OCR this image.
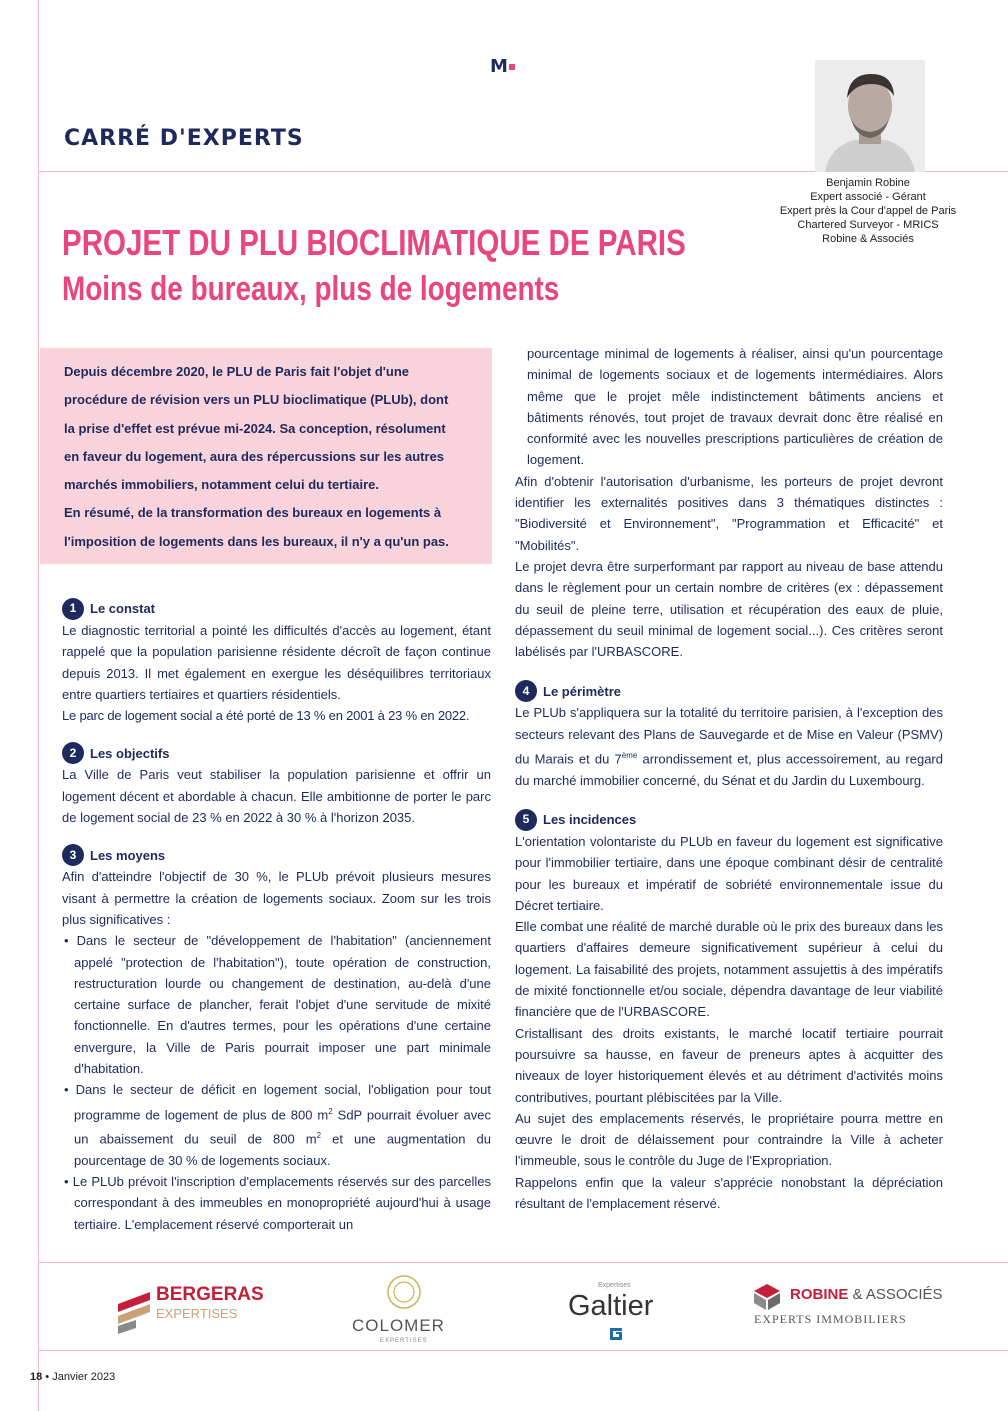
M
CARRÉ D'EXPERTS
Benjamin Robine
Expert associé - Gérant
Expert près la Cour d'appel de Paris
Chartered Surveyor - MRICS
Robine & Associés
PROJET DU PLU BIOCLIMATIQUE DE PARIS
Moins de bureaux, plus de logements
Depuis décembre 2020, le PLU de Paris fait l'objet d'une
procédure de révision vers un PLU bioclimatique (PLUb), dont
la prise d'effet est prévue mi-2024. Sa conception, résolument
en faveur du logement, aura des répercussions sur les autres
marchés immobiliers, notamment celui du tertiaire.
En résumé, de la transformation des bureaux en logements à
l'imposition de logements dans les bureaux, il n'y a qu'un pas.
1	Le constat

Le diagnostic territorial a pointé les difficultés d'accès au logement, étant rappelé que la population parisienne résidente décroît de façon continue depuis 2013. Il met également en exergue les déséquilibres territoriaux entre quartiers tertiaires et quartiers résidentiels.

Le parc de logement social a été porté de 13 % en 2001 à 23 % en 2022.

2	Les objectifs

La Ville de Paris veut stabiliser la population parisienne et offrir un logement décent et abordable à chacun. Elle ambitionne de porter le parc de logement social de 23 % en 2022 à 30 % à l'horizon 2035.

3	Les moyens

Afin d'atteindre l'objectif de 30 %, le PLUb prévoit plusieurs mesures visant à permettre la création de logements sociaux. Zoom sur les trois plus significatives :

• Dans le secteur de "développement de l'habitation" (anciennement appelé "protection de l'habitation"), toute opération de construction, restructuration lourde ou changement de destination, au-delà d'une certaine surface de plancher, ferait l'objet d'une servitude de mixité fonctionnelle. En d'autres termes, pour les opérations d'une certaine envergure, la Ville de Paris pourrait imposer une part minimale d'habitation.

• Dans le secteur de déficit en logement social, l'obligation pour tout programme de logement de plus de 800 $m^2$ SdP pourrait évoluer avec un abaissement du seuil de 800 $m^2$ et une augmentation du pourcentage de 30 % de logements sociaux.

• Le PLUb prévoit l'inscription d'emplacements réservés sur des parcelles correspondant à des immeubles en monopropriété aujourd'hui à usage tertiaire. L'emplacement réservé comporterait un

pourcentage minimal de logements à réaliser, ainsi qu'un pourcentage minimal de logements sociaux et de logements intermédiaires. Alors même que le projet mêle indistinctement bâtiments anciens et bâtiments rénovés, tout projet de travaux devrait donc être réalisé en conformité avec les nouvelles prescriptions particulières de création de logement.

Afin d'obtenir l'autorisation d'urbanisme, les porteurs de projet devront identifier les externalités positives dans 3 thématiques distinctes : "Biodiversité et Environnement", "Programmation et Efficacité" et "Mobilités".

Le projet devra être surperformant par rapport au niveau de base attendu dans le règlement pour un certain nombre de critères (ex : dépassement du seuil de pleine terre, utilisation et récupération des eaux de pluie, dépassement du seuil minimal de logement social...). Ces critères seront labélisés par l'URBASCORE.

4	Le périmètre

Le PLUb s'appliquera sur la totalité du territoire parisien, à l'exception des secteurs relevant des Plans de Sauvegarde et de Mise en Valeur (PSMV) du Marais et du 7ème arrondissement et, plus accessoirement, au regard du marché immobilier concerné, du Sénat et du Jardin du Luxembourg.

5	Les incidences

L'orientation volontariste du PLUb en faveur du logement est significative pour l'immobilier tertiaire, dans une époque combinant désir de centralité pour les bureaux et impératif de sobriété environnementale issue du Décret tertiaire.

Elle combat une réalité de marché durable où le prix des bureaux dans les quartiers d'affaires demeure significativement supérieur à celui du logement. La faisabilité des projets, notamment assujettis à des impératifs de mixité fonctionnelle et/ou sociale, dépendra davantage de leur viabilité financière que de l'URBASCORE.

Cristallisant des droits existants, le marché locatif tertiaire pourrait poursuivre sa hausse, en faveur de preneurs aptes à acquitter des niveaux de loyer historiquement élevés et au détriment d'activités moins contributives, pourtant plébiscitées par la Ville.

Au sujet des emplacements réservés, le propriétaire pourra mettre en œuvre le droit de délaissement pour contraindre la Ville à acheter l'immeuble, sous le contrôle du Juge de l'Expropriation.

Rappelons enfin que la valeur s'apprécie nonobstant la dépréciation résultant de l'emplacement réservé.

BERGERAS
EXPERTISES
COLOMER
EXPERTISES
Expertises
Galtier	ROBINE & ASSOCIÉS
EXPERTS IMMOBILIERS
18 • Janvier 2023
